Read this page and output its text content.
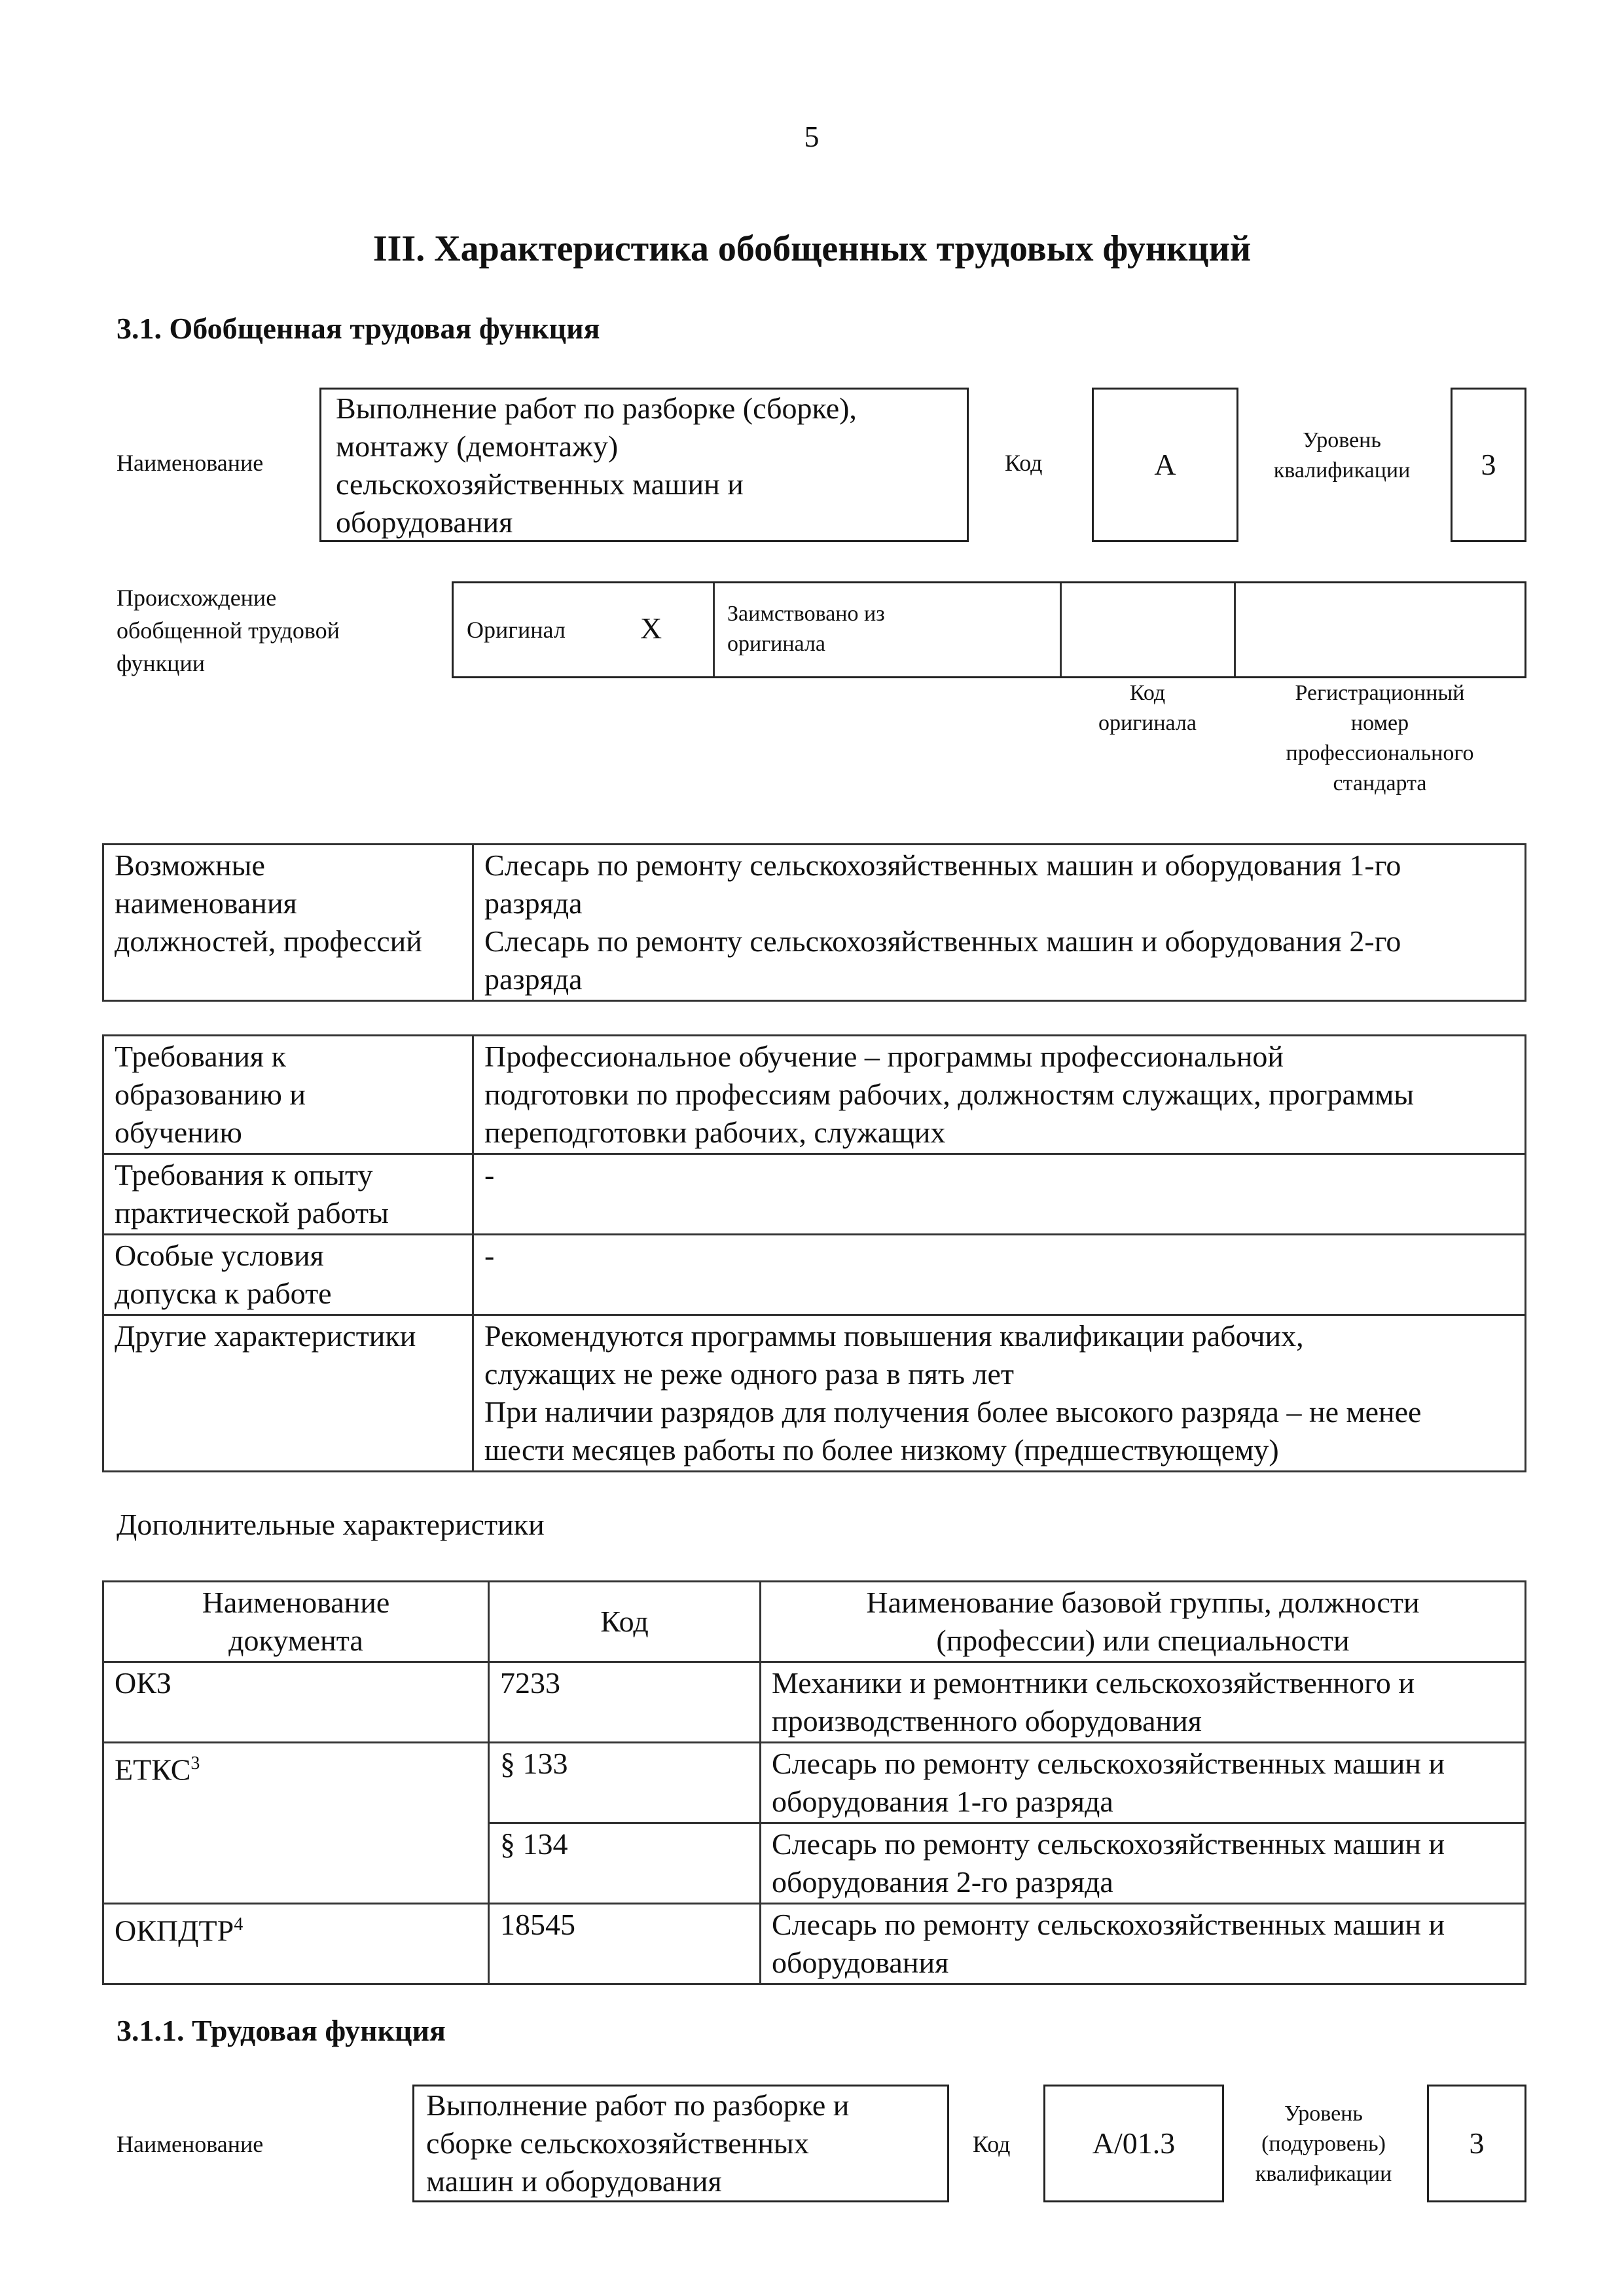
5
III. Характеристика обобщенных трудовых функций
3.1. Обобщенная трудовая функция
Наименование
Выполнение работ по разборке (сборке),
монтажу (демонтажу)
сельскохозяйственных машин и
оборудования
Код	A
Уровень
квалификации	3
Происхождение
обобщенной трудовой
функции
Оригинал X	Заимствовано из
оригинала
Код
оригинала
Регистрационный
номер
профессионального
стандарта
Возможные
наименования
должностей, профессий

Слесарь по ремонту сельскохозяйственных машин и оборудования 1-го
разряда
Слесарь по ремонту сельскохозяйственных машин и оборудования 2-го
разряда
Требования к
образованию и
обучению	Профессиональное обучение – программы профессиональной
подготовки по профессиям рабочих, должностям служащих, программы
переподготовки рабочих, служащих

Требования к опыту
практической работы	-

Особые условия
допуска к работе	-
Другие характеристики	Рекомендуются программы повышения квалификации рабочих,
служащих не реже одного раза в пять лет
При наличии разрядов для получения более высокого разряда – не менее
шести месяцев работы по более низкому (предшествующему)
Дополнительные характеристики
Наименование
документа	Код	Наименование базовой группы, должности
(профессии) или специальности

ОКЗ	7233	Механики и ремонтники сельскохозяйственного и
производственного оборудования

ЕТКС$^3$	§ 133	Слесарь по ремонту сельскохозяйственных машин и
оборудования 1-го разряда

	§ 134	Слесарь по ремонту сельскохозяйственных машин и
оборудования 2-го разряда

ОКПДТР$^4$	18545	Слесарь по ремонту сельскохозяйственных машин и
оборудования
3.1.1. Трудовая функция
Наименование
Выполнение работ по разборке и
сборке сельскохозяйственных
машин и оборудования
Код	A/01.3
Уровень
(подуровень)
квалификации
3
